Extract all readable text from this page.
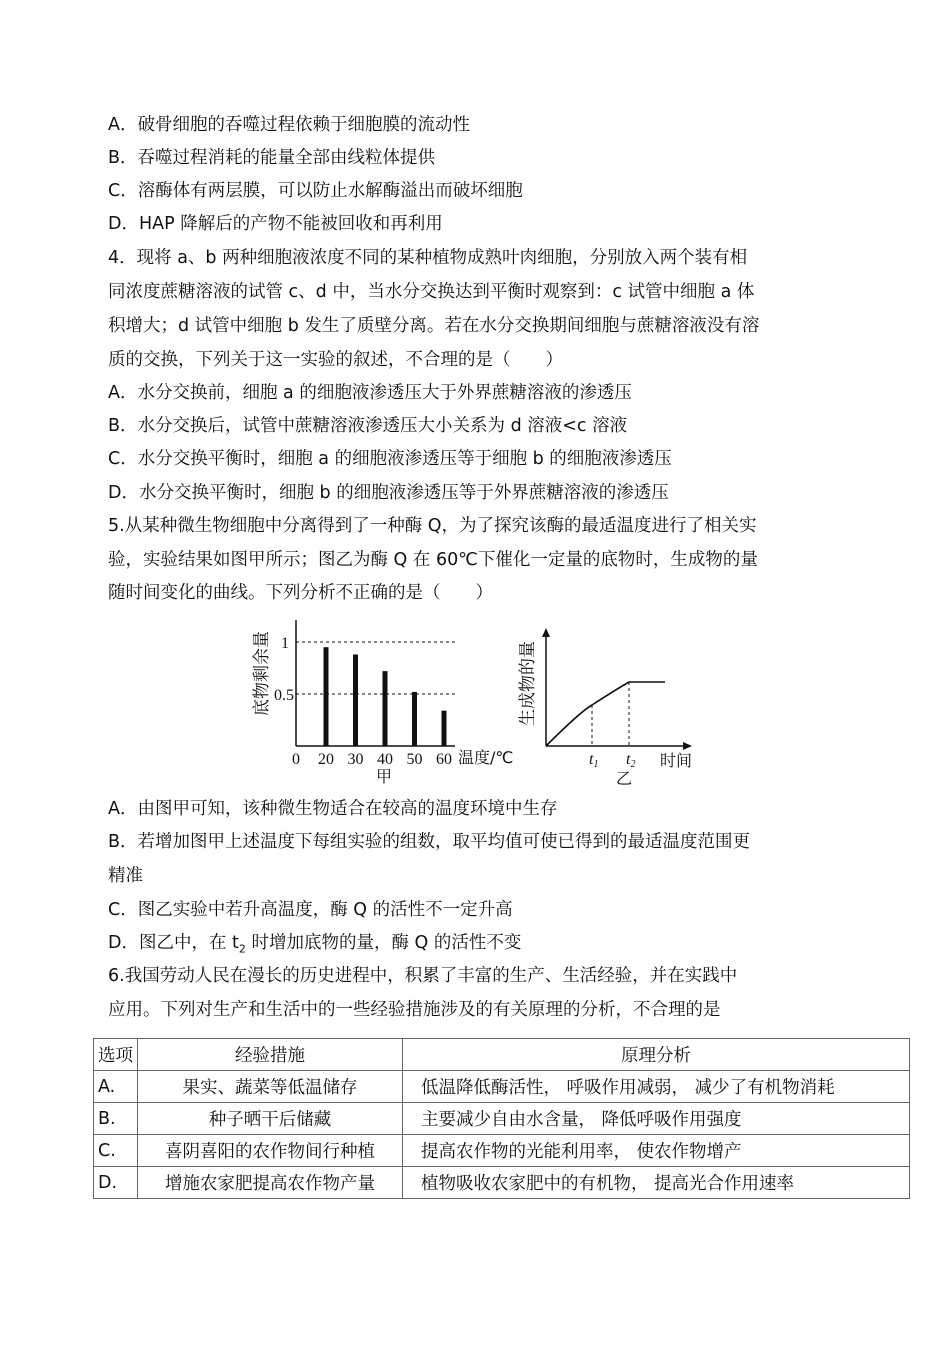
A．破骨细胞的吞噬过程依赖于细胞膜的流动性
B．吞噬过程消耗的能量全部由线粒体提供
C．溶酶体有两层膜，可以防止水解酶溢出而破坏细胞
D．HAP 降解后的产物不能被回收和再利用
4．现将 a、b 两种细胞液浓度不同的某种植物成熟叶肉细胞，分别放入两个装有相
同浓度蔗糖溶液的试管 c、d 中，当水分交换达到平衡时观察到：c 试管中细胞 a 体
积增大；d 试管中细胞 b 发生了质壁分离。若在水分交换期间细胞与蔗糖溶液没有溶
质的交换，下列关于这一实验的叙述，不合理的是（　　）
A．水分交换前，细胞 a 的细胞液渗透压大于外界蔗糖溶液的渗透压
B．水分交换后，试管中蔗糖溶液渗透压大小关系为 d 溶液<c 溶液
C．水分交换平衡时，细胞 a 的细胞液渗透压等于细胞 b 的细胞液渗透压
D．水分交换平衡时，细胞 b 的细胞液渗透压等于外界蔗糖溶液的渗透压
5.从某种微生物细胞中分离得到了一种酶 Q，为了探究该酶的最适温度进行了相关实
验，实验结果如图甲所示；图乙为酶 Q 在 60℃下催化一定量的底物时，生成物的量
随时间变化的曲线。下列分析不正确的是（　　）
1
0.5
0 20 30 40 50 60 温度/℃
甲
底物剩余量
t1 t2 时间
乙
生成物的量
A．由图甲可知，该种微生物适合在较高的温度环境中生存
B．若增加图甲上述温度下每组实验的组数，取平均值可使已得到的最适温度范围更
精准
C．图乙实验中若升高温度，酶 Q 的活性不一定升高
D．图乙中，在 $t_2$ 时增加底物的量，酶 Q 的活性不变
6.我国劳动人民在漫长的历史进程中，积累了丰富的生产、生活经验，并在实践中
应用。下列对生产和生活中的一些经验措施涉及的有关原理的分析，不合理的是
选项	经验措施	原理分析
A.	果实、蔬菜等低温储存	低温降低酶活性， 呼吸作用减弱， 减少了有机物消耗
B.	种子晒干后储藏	主要减少自由水含量， 降低呼吸作用强度
C.	喜阴喜阳的农作物间行种植	提高农作物的光能利用率， 使农作物增产
D.	增施农家肥提高农作物产量	植物吸收农家肥中的有机物， 提高光合作用速率
